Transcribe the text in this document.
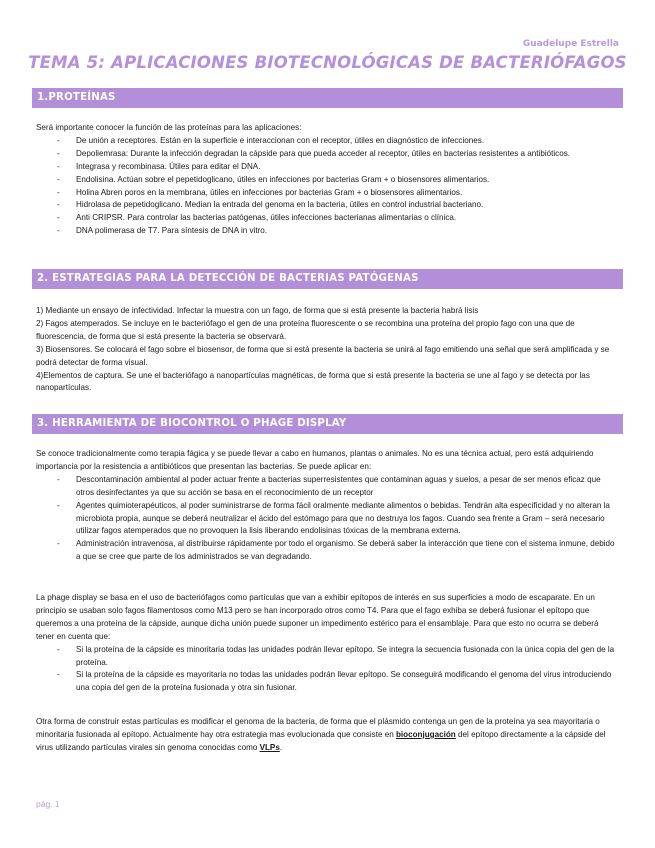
Guadelupe Estrella
TEMA 5: APLICACIONES BIOTECNOLÓGICAS DE BACTERIÓFAGOS
1.PROTEÍNAS

Será importante conocer la función de las proteínas para las aplicaciones:

- De unión a receptores. Están en la superficie e interaccionan con el receptor, útiles en diagnóstico de infecciones.
- Depoliemrasa: Durante la infección degradan la cápside para que pueda acceder al receptor, útiles en bacterias resistentes a antibióticos.
- Integrasa y recombinasa. Útiles para editar el DNA.
- Endolisina. Actúan sobre el pepetidoglicano, útiles en infecciones por bacterias Gram + o biosensores alimentarios.
- Holina Abren poros en la membrana, útiles en infecciones por bacterias Gram + o biosensores alimentarios.
- Hidrolasa de pepetidoglicano. Median la entrada del genoma en la bacteria, útiles en control industrial bacteriano.
- Anti CRIPSR. Para controlar las bacterias patógenas, útiles infecciones bacterianas alimentarias o clínica.
- DNA polimerasa de T7. Para síntesis de DNA in vitro.
2. ESTRATEGIAS PARA LA DETECCIÓN DE BACTERIAS PATÓGENAS

1) Mediante un ensayo de infectividad. Infectar la muestra con un fago, de forma que si está presente la bacteria habrá lisis

2) Fagos atemperados. Se incluye en le bacteriófago el gen de una proteína fluorescente o se recombina una proteína del propio fago con una que de fluorescencia, de forma que si está presente la bacteria se observará.

3) Biosensores. Se colocará el fago sobre el biosensor, de forma que si está presente la bacteria se unirá al fago emitiendo una señal que será amplificada y se podrá detectar de forma visual.

4)Elementos de captura. Se une el bacteriófago a nanopartículas magnéticas, de forma que si está presente la bacteria se une al fago y se detecta por las nanopartículas.

3. HERRAMIENTA DE BIOCONTROL O PHAGE DISPLAY

Se conoce tradicionalmente como terapia fágica y se puede llevar a cabo en humanos, plantas o animales. No es una técnica actual, pero está adquiriendo importancia por la resistencia a antibióticos que presentan las bacterias. Se puede aplicar en:

- Descontaminación ambiental al poder actuar frente a bacterias superresistentes que contaminan aguas y suelos, a pesar de ser menos eficaz que otros desinfectantes ya que su acción se basa en el reconocimiento de un receptor
- Agentes quimioterapéuticos, al poder suministrarse de forma fácil oralmente mediante alimentos o bebidas. Tendrán alta especificidad y no alteran la microbiota propia, aunque se deberá neutralizar el ácido del estómago para que no destruya los fagos. Cuando sea frente a Gram – será necesario utilizar fagos atemperados que no provoquen la lisis liberando endolisinas tóxicas de la membrana externa.
- Administración intravenosa, al distribuirse rápidamente por todo el organismo. Se deberá saber la interacción que tiene con el sistema inmune, debido a que se cree que parte de los administrados se van degradando.

La phage display se basa en el uso de bacteriófagos como partículas que van a exhibir epítopos de interés en sus superficies a modo de escaparate. En un principio se usaban solo fagos filamentosos como M13 pero se han incorporado otros como T4. Para que el fago exhiba se deberá fusionar el epítopo que queremos a una proteína de la cápside, aunque dicha unión puede suponer un impedimento estérico para el ensamblaje. Para que esto no ocurra se deberá tener en cuenta que:

- Si la proteína de la cápside es minoritaria todas las unidades podrán llevar epítopo. Se integra la secuencia fusionada con la única copia del gen de la proteína.
- Si la proteína de la cápside es mayoritaria no todas las unidades podrán llevar epítopo. Se conseguirá modificando el genoma del virus introduciendo una copia del gen de la proteína fusionada y otra sin fusionar.

Otra forma de construir estas partículas es modificar el genoma de la bacteria, de forma que el plásmido contenga un gen de la proteína ya sea mayoritaria o minoritaria fusionada al epítopo. Actualmente hay otra estrategia mas evolucionada que consiste en bioconjugación del epítopo directamente a la cápside del virus utilizando partículas virales sin genoma conocidas como VLPs.

pág. 1
